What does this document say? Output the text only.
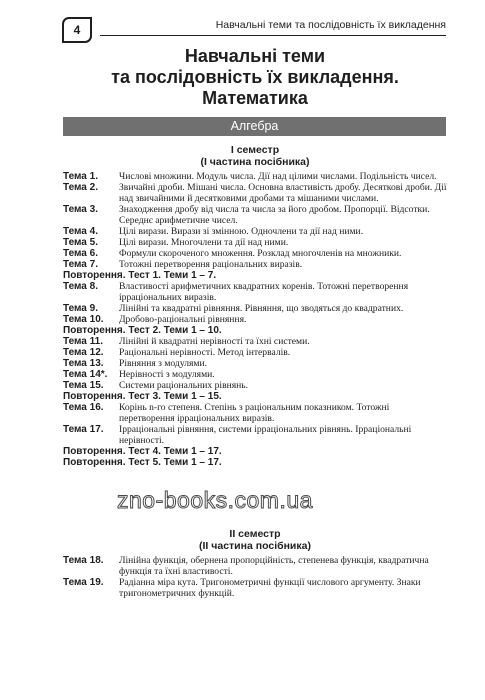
4	Навчальні теми та послідовність їх викладення
Навчальні теми
та послідовність їх викладення.
Математика
Алгебра
I семестр
(I частина посібника)
Тема 1.	Числові множини. Модуль числа. Дії над цілими числами. Подільність чисел.
Тема 2.	Звичайні дроби. Мішані числа. Основна властивість дробу. Десяткові дроби. Дії над звичайними й десятковими дробами та мішаними числами.
Тема 3.	Знаходження дробу від числа та числа за його дробом. Пропорції. Відсотки. Середнє арифметичне чисел.
Тема 4.	Цілі вирази. Вирази зі змінною. Одночлени та дії над ними.
Тема 5.	Цілі вирази. Многочлени та дії над ними.
Тема 6.	Формули скороченого множення. Розклад многочленів на множники.
Тема 7.	Тотожні перетворення раціональних виразів.
Повторення. Тест 1. Теми 1 – 7.
Тема 8.	Властивості арифметичних квадратних коренів. Тотожні перетворення ірраціональних виразів.
Тема 9.	Лінійні та квадратні рівняння. Рівняння, що зводяться до квадратних.
Тема 10.	Дробово-раціональні рівняння.
Повторення. Тест 2. Теми 1 – 10.
Тема 11.	Лінійні й квадратні нерівності та їхні системи.
Тема 12.	Раціональні нерівності. Метод інтервалів.
Тема 13.	Рівняння з модулями.
Тема 14*.	Нерівності з модулями.
Тема 15.	Системи раціональних рівнянь.
Повторення. Тест 3. Теми 1 – 15.
Тема 16.	Корінь n-го степеня. Степінь з раціональним показником. Тотожні перетворення ірраціональних виразів.
Тема 17.	Ірраціональні рівняння, системи ірраціональних рівнянь. Ірраціональні нерівності.
Повторення. Тест 4. Теми 1 – 17.
Повторення. Тест 5. Теми 1 – 17.
zno-books.com.ua
II семестр
(II частина посібника)
Тема 18.	Лінійна функція, обернена пропорційність, степенева функція, квадратична функція та їхні властивості.
Тема 19.	Радіанна міра кута. Тригонометричні функції числового аргументу. Знаки тригонометричних функцій.
